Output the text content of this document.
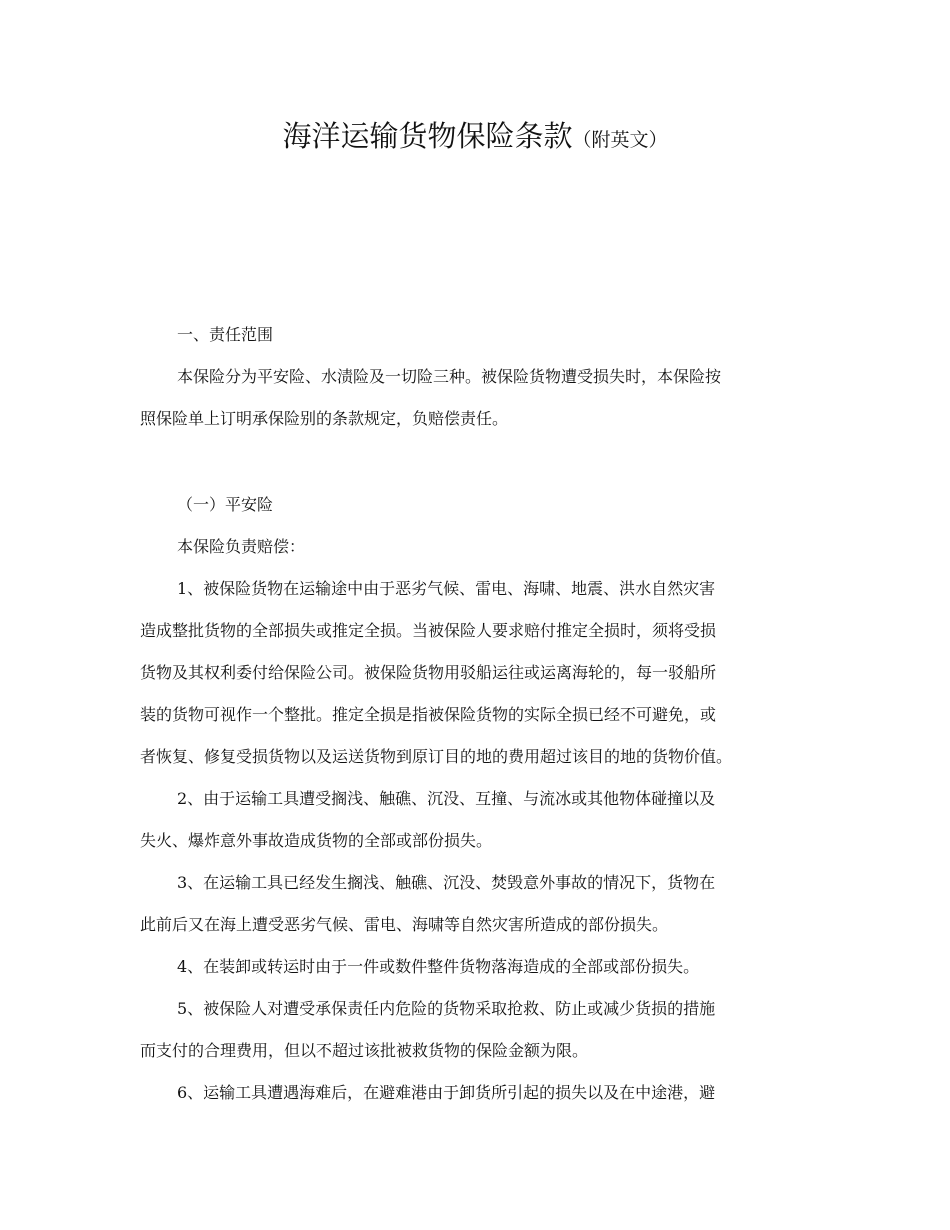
海洋运输货物保险条款（附英文）
一、责任范围
本保险分为平安险、水渍险及一切险三种。被保险货物遭受损失时，本保险按
照保险单上订明承保险别的条款规定，负赔偿责任。
（一）平安险
本保险负责赔偿：
1、被保险货物在运输途中由于恶劣气候、雷电、海啸、地震、洪水自然灾害
造成整批货物的全部损失或推定全损。当被保险人要求赔付推定全损时，须将受损
货物及其权利委付给保险公司。被保险货物用驳船运往或运离海轮的，每一驳船所
装的货物可视作一个整批。推定全损是指被保险货物的实际全损已经不可避免，或
者恢复、修复受损货物以及运送货物到原订目的地的费用超过该目的地的货物价值。
2、由于运输工具遭受搁浅、触礁、沉没、互撞、与流冰或其他物体碰撞以及
失火、爆炸意外事故造成货物的全部或部份损失。
3、在运输工具已经发生搁浅、触礁、沉没、焚毁意外事故的情况下，货物在
此前后又在海上遭受恶劣气候、雷电、海啸等自然灾害所造成的部份损失。
4、在装卸或转运时由于一件或数件整件货物落海造成的全部或部份损失。
5、被保险人对遭受承保责任内危险的货物采取抢救、防止或减少货损的措施
而支付的合理费用，但以不超过该批被救货物的保险金额为限。
6、运输工具遭遇海难后，在避难港由于卸货所引起的损失以及在中途港，避
